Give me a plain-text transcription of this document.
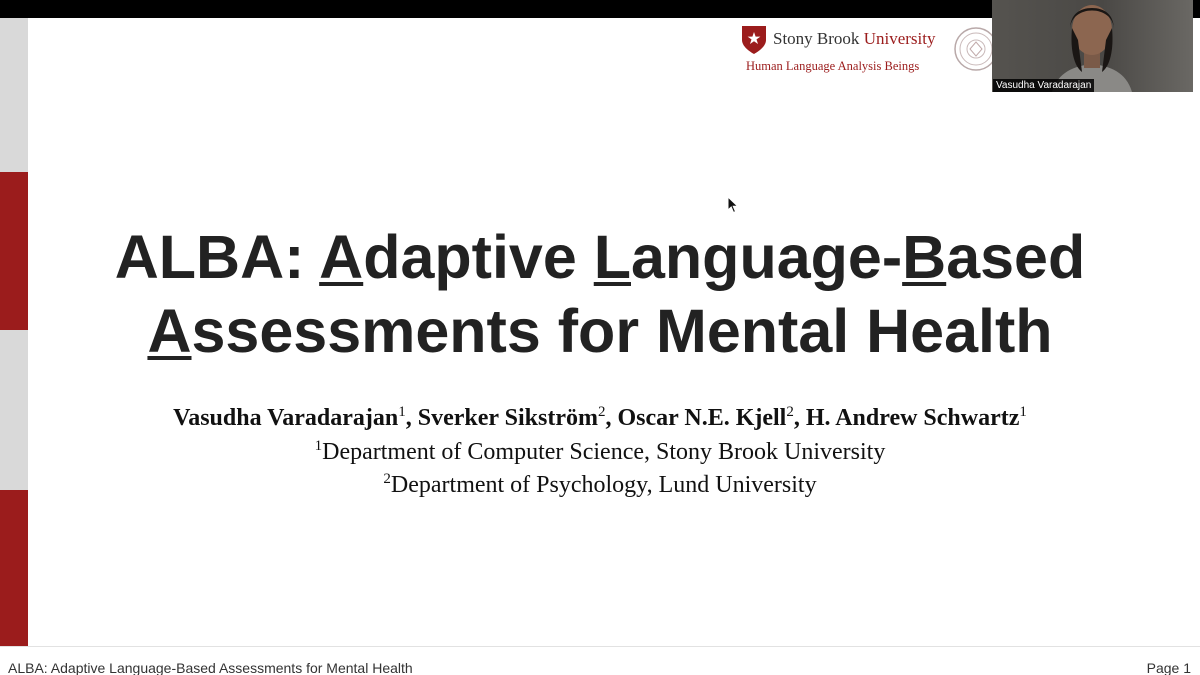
Stony Brook University
Human Language Analysis Beings
Vasudha Varadarajan
ALBA: Adaptive Language-Based
Assessments for Mental Health
Vasudha Varadarajan$^1$, Sverker Sikström$^2$, Oscar N.E. Kjell$^2$, H. Andrew Schwartz$^1$
$^1$Department of Computer Science, Stony Brook University
$^2$Department of Psychology, Lund University
ALBA: Adaptive Language-Based Assessments for Mental Health	Page 1
